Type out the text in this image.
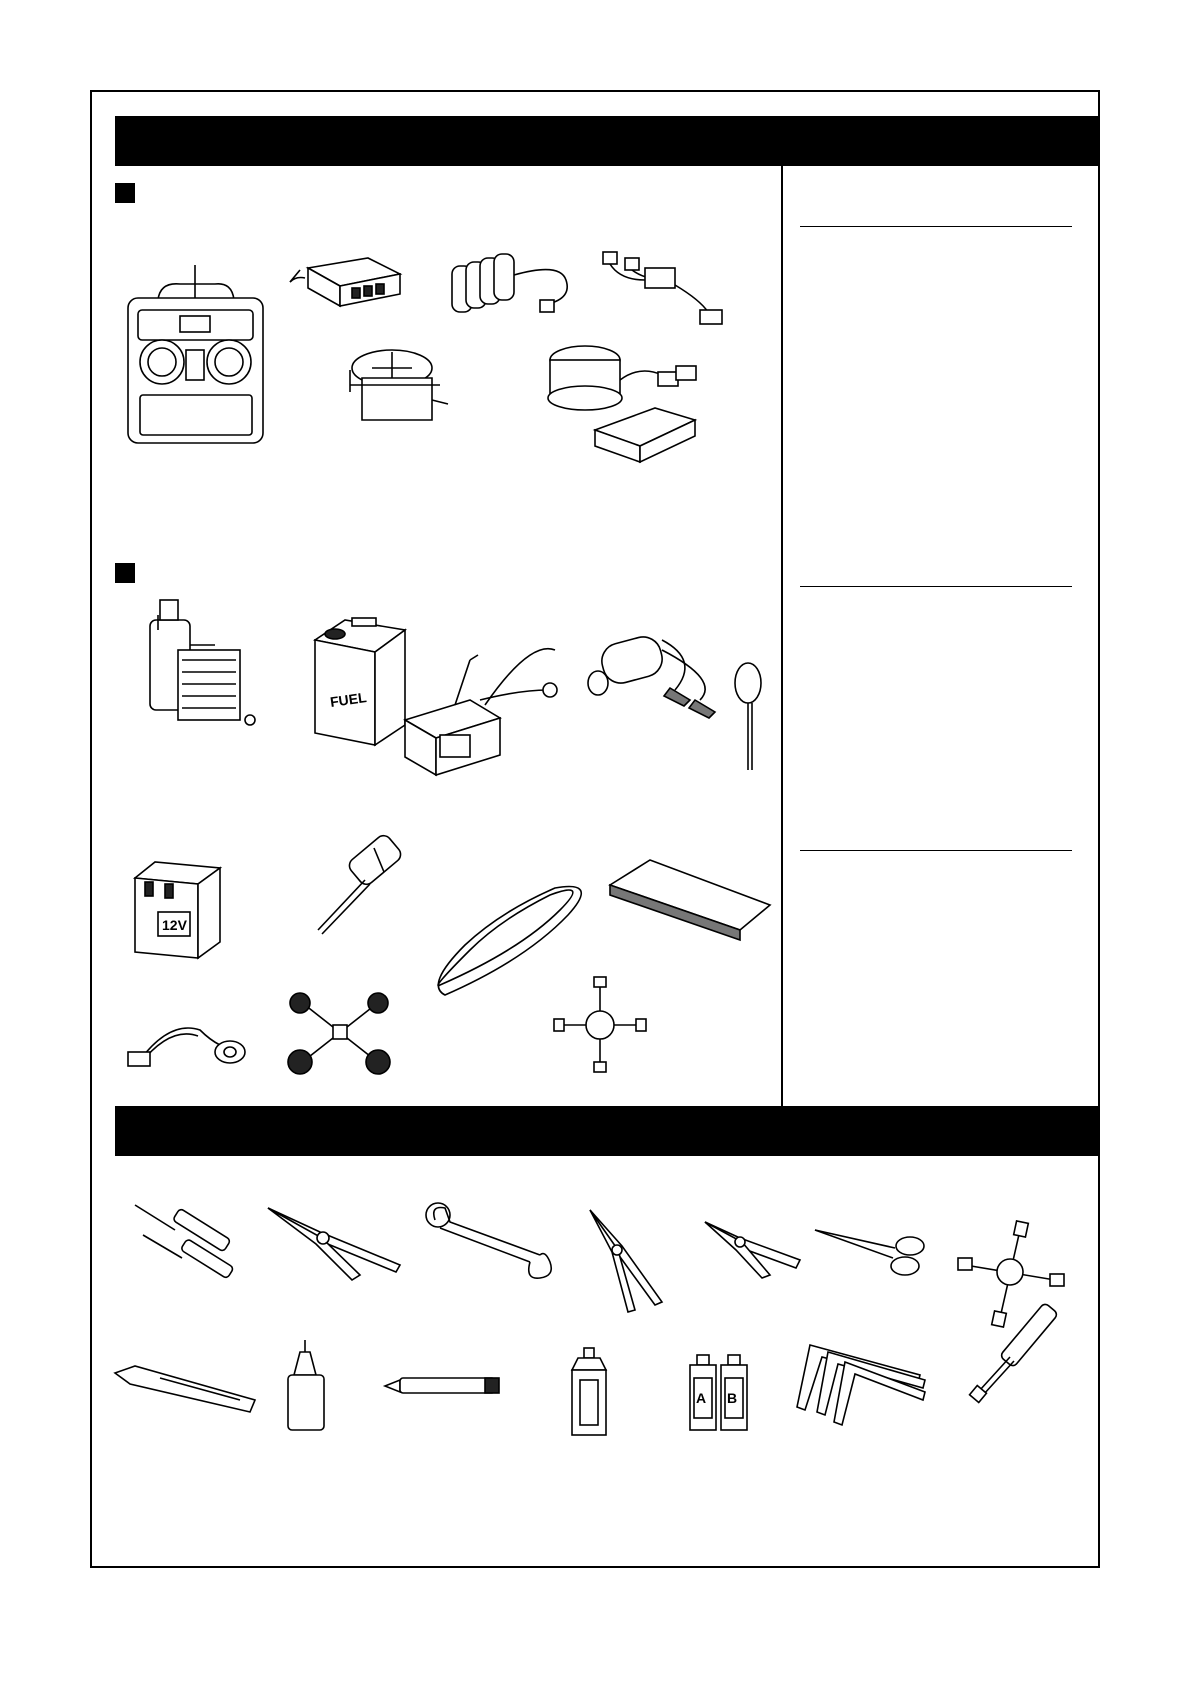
FUEL
12V
A B
